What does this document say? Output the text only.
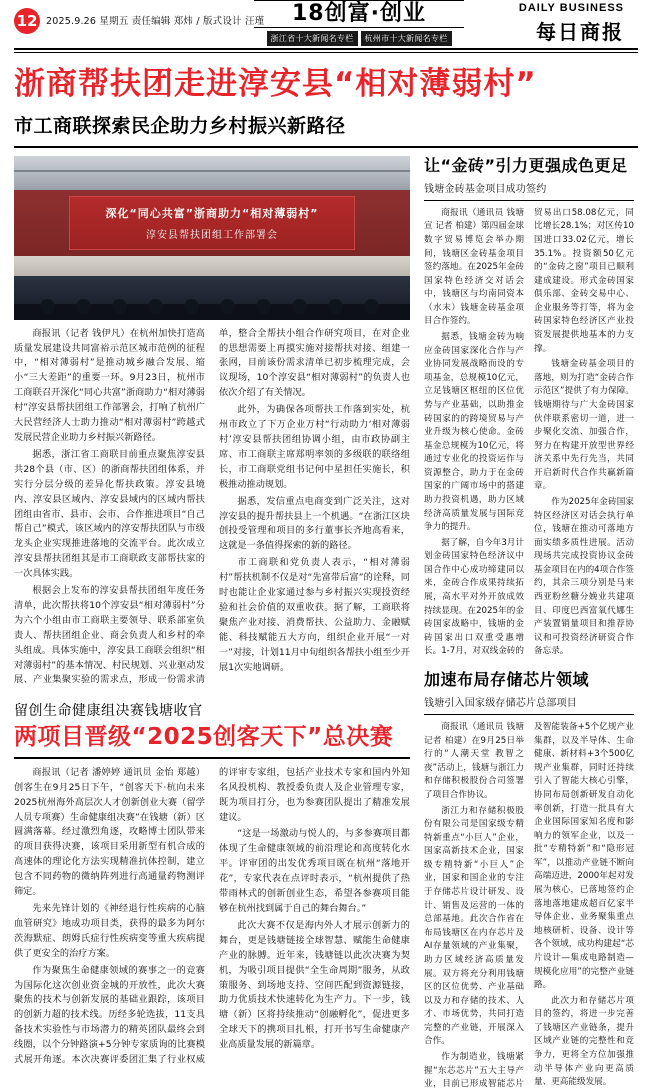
12 2025.9.26 星期五 责任编辑 郑炜 / 版式设计 汪瑾	18创富·创业
浙江省十大新闻名专栏	杭州市十大新闻名专栏
DAILY BUSINESS
每日商报
浙商帮扶团走进淳安县“相对薄弱村”
市工商联探索民企助力乡村振兴新路径
深化“同心共富”浙商助力“相对薄弱村”
淳安县帮扶团组工作部署会

商报讯（记者 钱伊凡）在杭州加快打造高质量发展建设共同富裕示范区城市范例的征程中，“相对薄弱村”是推动城乡融合发展、缩小“三大差距”的重要一环。9月23日，杭州市工商联召开深化“同心共富”浙商助力“相对薄弱村”淳安县帮扶团组工作部署会，打响了杭州广大民营经济人士助力推动“相对薄弱村”跨越式发展民营企业助力乡村振兴新路径。

据悉，浙江省工商联目前重点聚焦淳安县共28个县（市、区）的浙商帮扶团组体系，并实行分层分级的差异化帮扶政策。淳安县境内、淳安县区域内、淳安县域内的区域内帮扶团组由省市、县市、会市、合作推进项目“自己帮自己”模式，该区域内的淳安帮扶团队与市级龙头企业实现推进落地的交流平台。此次成立淳安县帮扶团组其是市工商联政支部帮扶家的一次具体实践。

根据会上发布的淳安县帮扶团组年度任务清单，此次帮扶将10个淳安县“相对薄弱村”分为六个小组由市工商联主要领导、联系部室负责人、帮扶团组企业、商会负责人和乡村的牵头组成。具体实施中，淳安县工商联会组织“相对薄弱村”的基本情况、村民规划、兴业驱动发展、产业集聚实验的需求点，形成一份需求清单，整合全帮扶小组合作研究项目，在对企业的思想需要上再摸实施对接帮扶对接、组建一张网，目前该份需求清单已初步梳理完成，会议现场，10个淳安县“相对薄弱村”的负责人也依次介绍了有关情况。

此外，为确保各项帮扶工作落到实处，杭州市政立了下万企业万村“行动助力‘相对薄弱村’淳安县帮扶团组协调小组，由市政协副主席、市工商联主席郑明率领的多级联的联络组长，市工商联党组书记何中星担任实施长，积极推动推动规划。

据悉，发信重点电商变到广泛关注，这对淳安县的提升帮扶县上一个机遇。“在浙江区块创投受管理和项目的多行董事长齐地高看来，这就是一条值得探索的新的路径。

市工商联和党负责人表示，“相对薄弱村”帮扶机制不仅是对“先富带后富”的诠释，同时也能让企业家通过参与乡村振兴实现投资经验和社会价值的双重收获。据了解，工商联将聚焦产业对接、消费帮扶、公益助力、金融赋能、科技赋能五大方向，组织企业开展“一对一”对接，计划11月中旬组织各帮扶小组至少开展1次实地调研。

留创生命健康组决赛钱塘收官
两项目晋级“2025创客天下”总决赛

商报讯（记者 潘婷婷 通讯员 金怡 郑越）创客生在9月25日下午，“创客天下·杭向未来 2025杭州海外高层次人才创新创业大赛（留学人员专项赛）生命健康组决赛”在钱塘（新）区圆满落幕。经过激烈角逐，攻略博士团队带来的项目获得决赛，该项目采用新型有机合成的高速体的理论化方法实现精准抗体控制，建立包含不同药物的微纳阵列进行高通量药物测评筛定。

先来先锋计划的《神经退行性疾病的心脑血管研究》地成功项目类，获得的最多为阿尔茨海默症、朗姆氏症行性疾病变等重大疾病提供了更安全的治疗方案。

作为聚焦生命健康领域的赛事之一的竞赛为国际化这次创业资金城的开放性，此次大赛聚焦的技术与创新发展的基础业跟踪，该项目的创新力超的技术线。历经多轮选拔，11支具备技术实验性与市场潜力的精英团队最终会到线圈，以个分钟路演+5分钟专家质询的比赛模式展开角逐。本次决赛评委团汇集了行业权威的评审专家组，包括产业技术专家和国内外知名风投机构、教授委负责人及企业管理专家，既为项目打分，也为参赛团队提出了精准发展建议。

“这是一场激动与悦人的，与多参赛项目都体现了生命健康领域的前沿理论和高度转化水平。评审团的出发优秀项目既在杭州“落地开花”，专家代表在点评时表示，“杭州提供了热带雨林式的创新创业生态，希望各参赛项目能够在杭州找到属于自己的舞台舞台。”

此次大赛不仅是海内外人才展示创新力的舞台，更是钱塘链接全球智慧、赋能生命健康产业的脉膊。近年来，钱塘链以此次决赛为契机，为吸引项目提供“全生命周期”服务，从政策服务、到场地支持、空间匹配到资源链接，助力优质技术快速转化为生产力。下一步，钱塘（新）区将持续推动“创融孵化”，促进更多全球天下的携项目扎根，打开书写生命健康产业高质量发展的新篇章。

让“金砖”引力更强成色更足
钱塘金砖基金项目成功签约

商报讯（通讯员 钱塘宣 记者 柏建）第四届金球数字贸易博览会举办期间，钱塘区金砖基金项目签约落地。在2025年金砖国家特色经济交对话会中，钱塘区与均南同资本（水末）钱塘金砖基金项目合作签约。

据悉，钱塘金砖为响应金砖国家深化合作与产业协同发展战略而设的专项基金，总规模10亿元，立足钱塘区枢纽的区位优势与产业基础，以助推金砖国家的的跨境贸易与产业升级为核心使命。金砖基金总规模为10亿元，将通过专业化的投资运作与资源整合，助力于在金砖国家的广阔市场中的搭建助力投资机遇，助力区域经济高质量发展与国际竞争力的提升。

据了解，自今年3月计划金砖国家特色经济议中国合作中心成功缔建同以来，金砖合作成果持续拓展，高水平对外开放成效持续显现。在2025年的金砖国家战略中，钱塘的金砖国家出口双重受惠增长。1-7月，对双线金砖的贸易出口58.08亿元，同比增长28.1%；对区传10国进口33.02亿元，增长35.1%。投资额50亿元的“金砖之窗”项目已顺利建成建设。形式金砖国家俱乐部、金砖交易中心、企业服务等打等，将为金砖国家特色经济区产业投资发展提供地基本的力支撑。

钱塘金砖基金项目的落地，则为打造“金砖合作示范区”提供了有力保障。钱塘期待与广大金砖国家伙伴联系密切一道，进一步聚化交流、加强合作，努力在构建开放型世界经济关系中先行先当，共同开启新时代合作共赢新篇章。

作为2025年金砖国家特区经济区对话会执行单位，钱塘在推动可落地方面实绩多质性进展。活动现场共完成投资协议金砖基金项目在内的4项合作签约，其余三项分别是马来西亚粉丝糖分娩业共建项目、印度巴西富氧代娜生产装置销量项目和推荐协议和可投资经济研资合作备忘录。

加速布局存储芯片领域
钱塘引入国家级存储芯片总部项目

商报讯（通讯员 钱塘 记者 柏建）在9月25日举行的“人潮天堂 教智之夜”活动上，钱塘与浙江力和存储积极股份合司签署了项目合作协议。

浙江力和存储积极股份有限公司是国家级专精特新重点“小巨人”企业，国家高新技术企业，国家级专精特新“小巨人”企业，国家和国企业的专注于存储芯片设计研发、设计、销售及运营的一体的总部基地。此次合作省在布局钱塘区在内存芯片及AI存量领域的产业集聚，助力区域经济高质量发展。双方将充分利用钱塘区的区位优势、产业基础以及力和存储的技术、人才、市场优势，共同打造完整的产业链，开展深入合作。

作为制造业，钱塘紧握“东芯芯片”五大主导产业，目前已形成智能芯片及智能装备+5个亿规产业集群，以及半导体、生命健康、新材料+3个500亿规产业集群，同时还持续引入了智能大核心引擎，协同布局创新研发自动化率创新，打造一批具有大企业国际国家知名度和影响力的领军企业，以及一批“专精特新”和“隐形冠军”，以推动产业链不断向高端迈进，2000年起对发展为核心，已落地签约企落地落地建成超百亿家半导体企业、业务聚集重点地核研析、设备、设计等各个领域，成功构建起“芯片设计—集成电路制造—规模化应用”的完整产业链路。

此次力和存储芯片项目的签约，将进一步完善了钱塘区产业链条，提升区域产业链的完整性和竞争力，更将全方位加强推动半导体产业向更高质量、更高能级发展。
